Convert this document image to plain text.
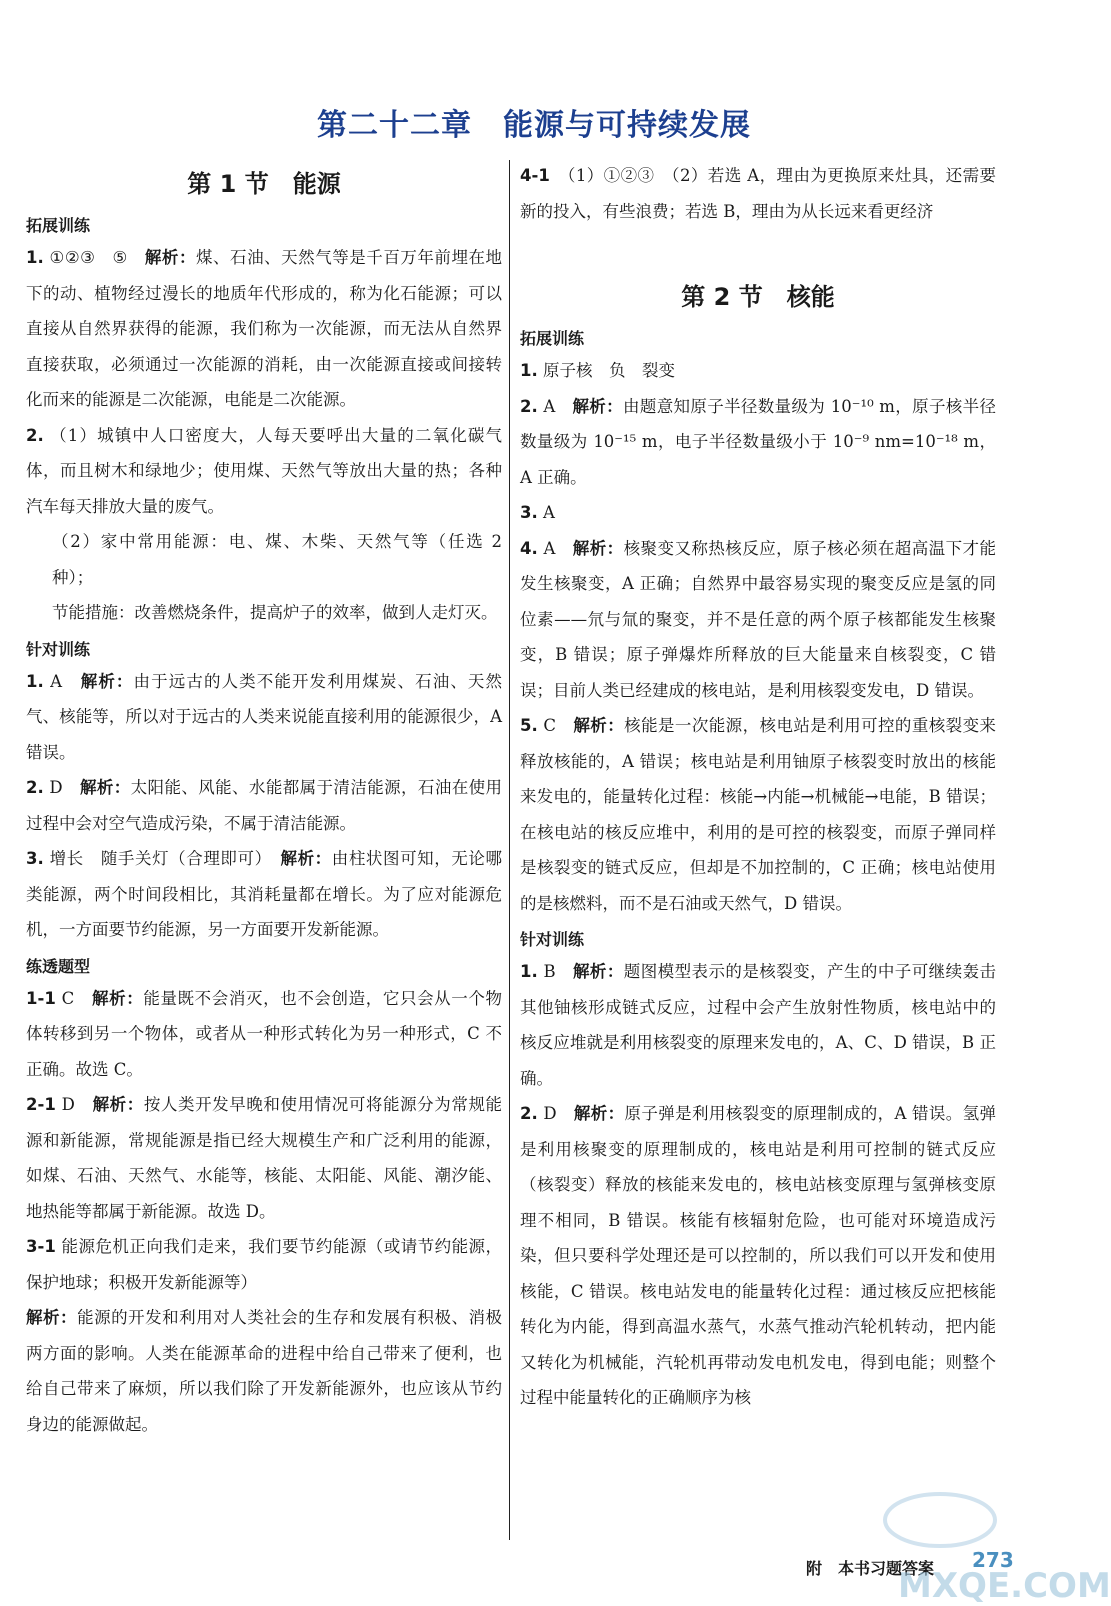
第二十二章　能源与可持续发展
第 1 节　能源
拓展训练

1. ①②③　⑤　解析：煤、石油、天然气等是千百万年前埋在地下的动、植物经过漫长的地质年代形成的，称为化石能源；可以直接从自然界获得的能源，我们称为一次能源，而无法从自然界直接获取，必须通过一次能源的消耗，由一次能源直接或间接转化而来的能源是二次能源，电能是二次能源。

2. （1）城镇中人口密度大，人每天要呼出大量的二氧化碳气体，而且树木和绿地少；使用煤、天然气等放出大量的热；各种汽车每天排放大量的废气。

（2）家中常用能源：电、煤、木柴、天然气等（任选 2 种）；

节能措施：改善燃烧条件，提高炉子的效率，做到人走灯灭。

针对训练

1. A　解析：由于远古的人类不能开发利用煤炭、石油、天然气、核能等，所以对于远古的人类来说能直接利用的能源很少，A 错误。

2. D　解析：太阳能、风能、水能都属于清洁能源，石油在使用过程中会对空气造成污染，不属于清洁能源。

3. 增长　随手关灯（合理即可）　解析：由柱状图可知，无论哪类能源，两个时间段相比，其消耗量都在增长。为了应对能源危机，一方面要节约能源，另一方面要开发新能源。

练透题型

1-1 C　解析：能量既不会消灭，也不会创造，它只会从一个物体转移到另一个物体，或者从一种形式转化为另一种形式，C 不正确。故选 C。

2-1 D　解析：按人类开发早晚和使用情况可将能源分为常规能源和新能源，常规能源是指已经大规模生产和广泛利用的能源，如煤、石油、天然气、水能等，核能、太阳能、风能、潮汐能、地热能等都属于新能源。故选 D。

3-1 能源危机正向我们走来，我们要节约能源（或请节约能源，保护地球；积极开发新能源等）

解析：能源的开发和利用对人类社会的生存和发展有积极、消极两方面的影响。人类在能源革命的进程中给自己带来了便利，也给自己带来了麻烦，所以我们除了开发新能源外，也应该从节约身边的能源做起。

4-1　 （1）①②③　（2）若选 A，理由为更换原来灶具，还需要新的投入，有些浪费；若选 B，理由为从长远来看更经济

第 2 节　核能
拓展训练

1. 原子核　负　裂变

2. A　解析：由题意知原子半径数量级为 10⁻¹⁰ m，原子核半径数量级为 10⁻¹⁵ m，电子半径数量级小于 10⁻⁹ nm=10⁻¹⁸ m，A 正确。

3. A

4. A　解析：核聚变又称热核反应，原子核必须在超高温下才能发生核聚变，A 正确；自然界中最容易实现的聚变反应是氢的同位素——氘与氚的聚变，并不是任意的两个原子核都能发生核聚变，B 错误；原子弹爆炸所释放的巨大能量来自核裂变，C 错误；目前人类已经建成的核电站，是利用核裂变发电，D 错误。

5. C　解析：核能是一次能源，核电站是利用可控的重核裂变来释放核能的，A 错误；核电站是利用铀原子核裂变时放出的核能来发电的，能量转化过程：核能→内能→机械能→电能，B 错误；在核电站的核反应堆中，利用的是可控的核裂变，而原子弹同样是核裂变的链式反应，但却是不加控制的，C 正确；核电站使用的是核燃料，而不是石油或天然气，D 错误。

针对训练

1. B　解析：题图模型表示的是核裂变，产生的中子可继续轰击其他铀核形成链式反应，过程中会产生放射性物质，核电站中的核反应堆就是利用核裂变的原理来发电的，A、C、D 错误，B 正确。

2. D　解析：原子弹是利用核裂变的原理制成的，A 错误。氢弹是利用核聚变的原理制成的，核电站是利用可控制的链式反应（核裂变）释放的核能来发电的，核电站核变原理与氢弹核变原理不相同，B 错误。核能有核辐射危险，也可能对环境造成污染，但只要科学处理还是可以控制的，所以我们可以开发和使用核能，C 错误。核电站发电的能量转化过程：通过核反应把核能转化为内能，得到高温水蒸气，水蒸气推动汽轮机转动，把内能又转化为机械能，汽轮机再带动发电机发电，得到电能；则整个过程中能量转化的正确顺序为核

附　本书习题答案 273
MXQE.COM
